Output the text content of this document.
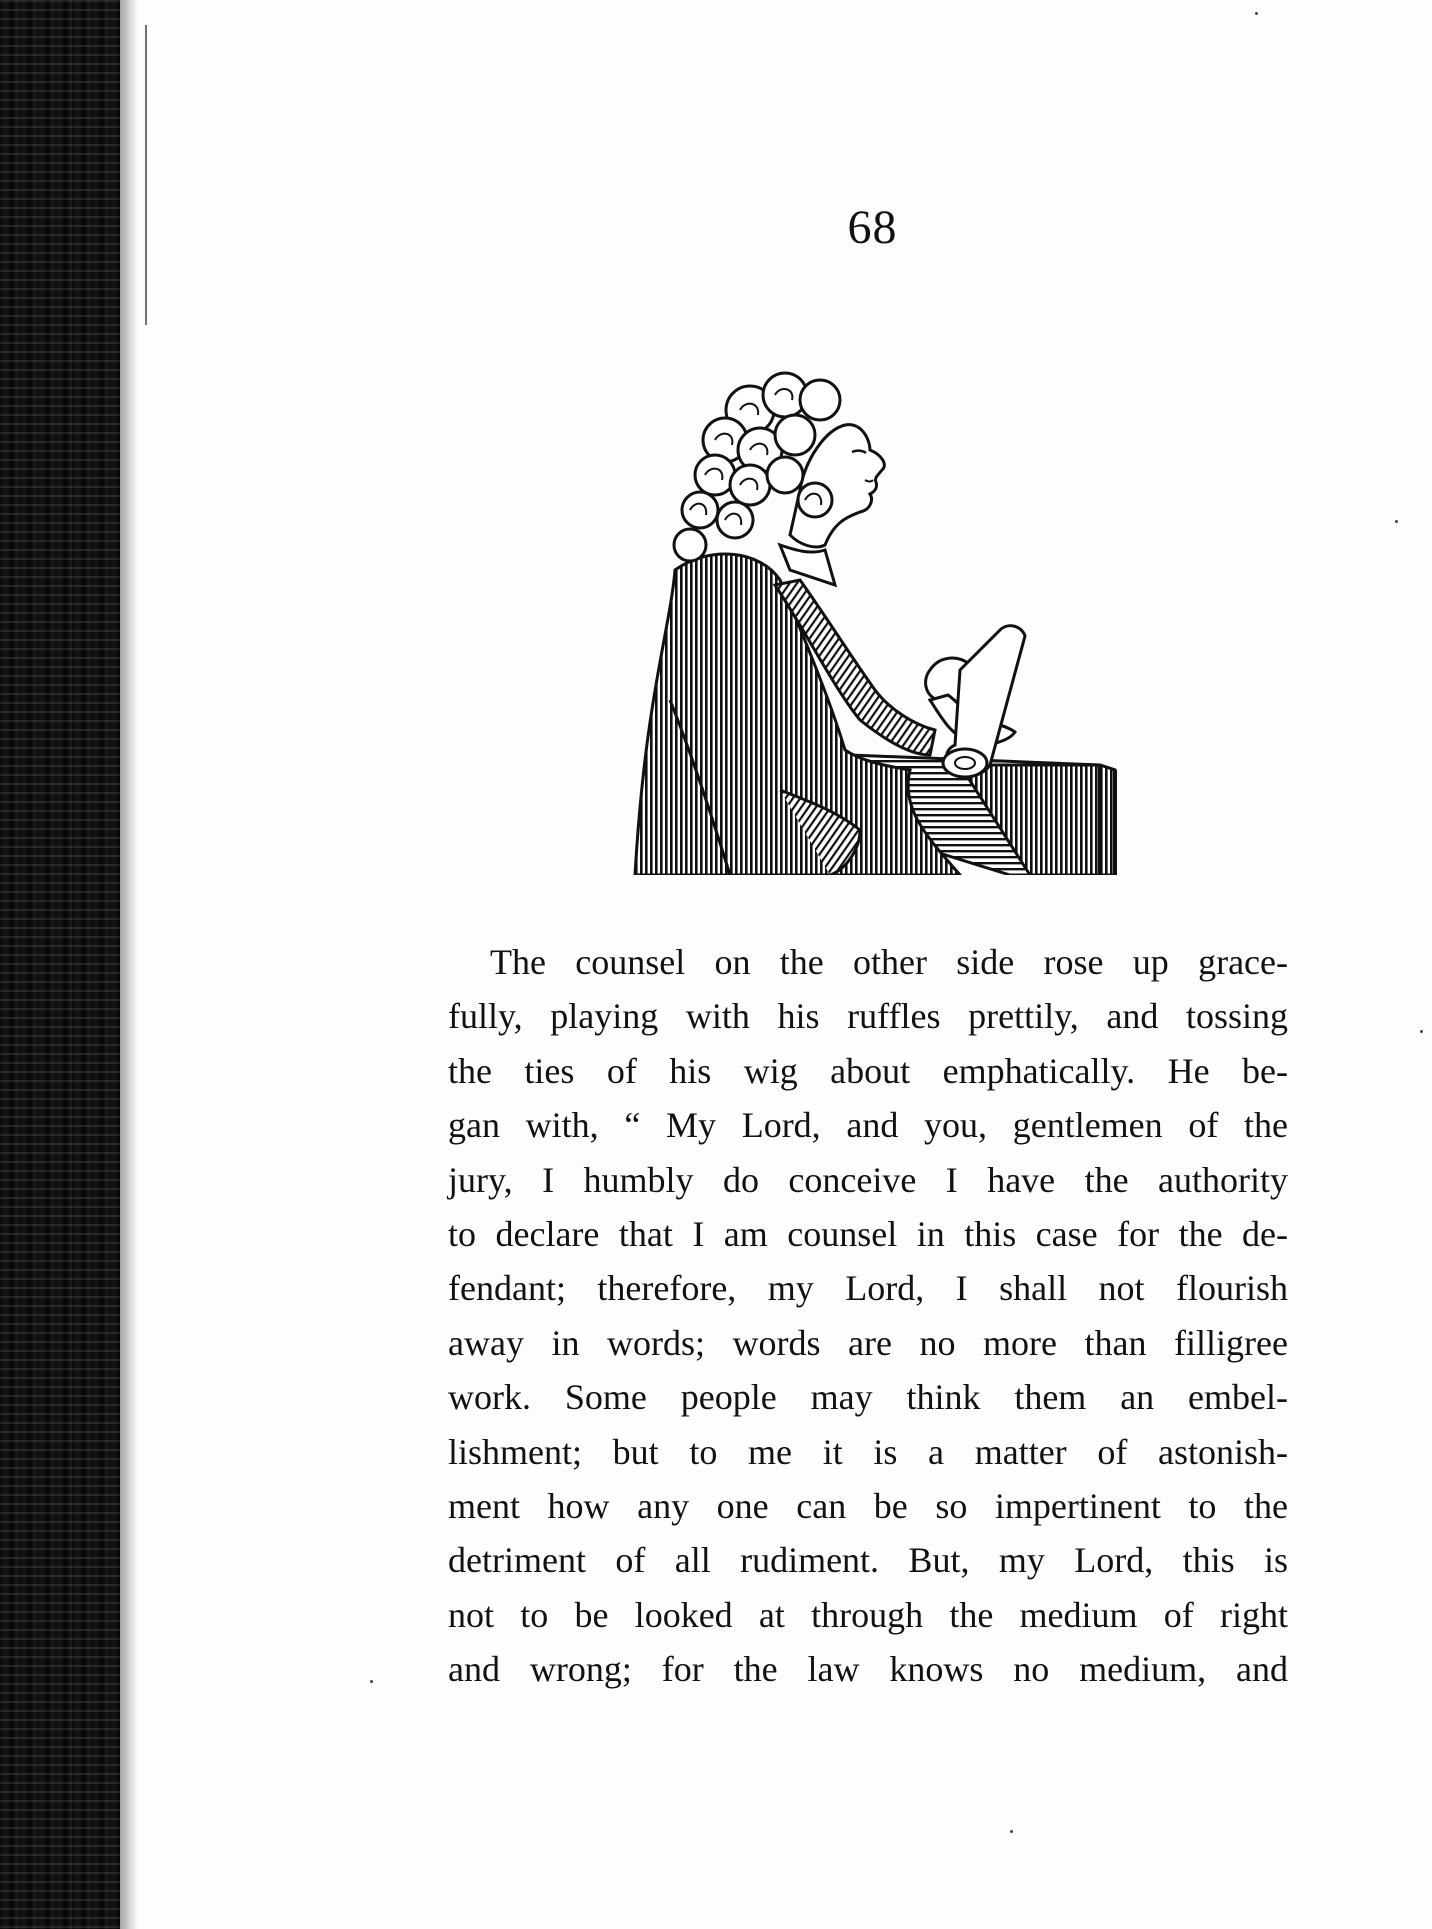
68
The counsel on the other side rose up grace-
fully, playing with his ruffles prettily, and tossing
the ties of his wig about emphatically. He be-
gan with, “ My Lord, and you, gentlemen of the
jury, I humbly do conceive I have the authority
to declare that I am counsel in this case for the de-
fendant; therefore, my Lord, I shall not flourish
away in words; words are no more than filligree
work. Some people may think them an embel-
lishment; but to me it is a matter of astonish-
ment how any one can be so impertinent to the
detriment of all rudiment. But, my Lord, this is
not to be looked at through the medium of right
and wrong; for the law knows no medium, and
